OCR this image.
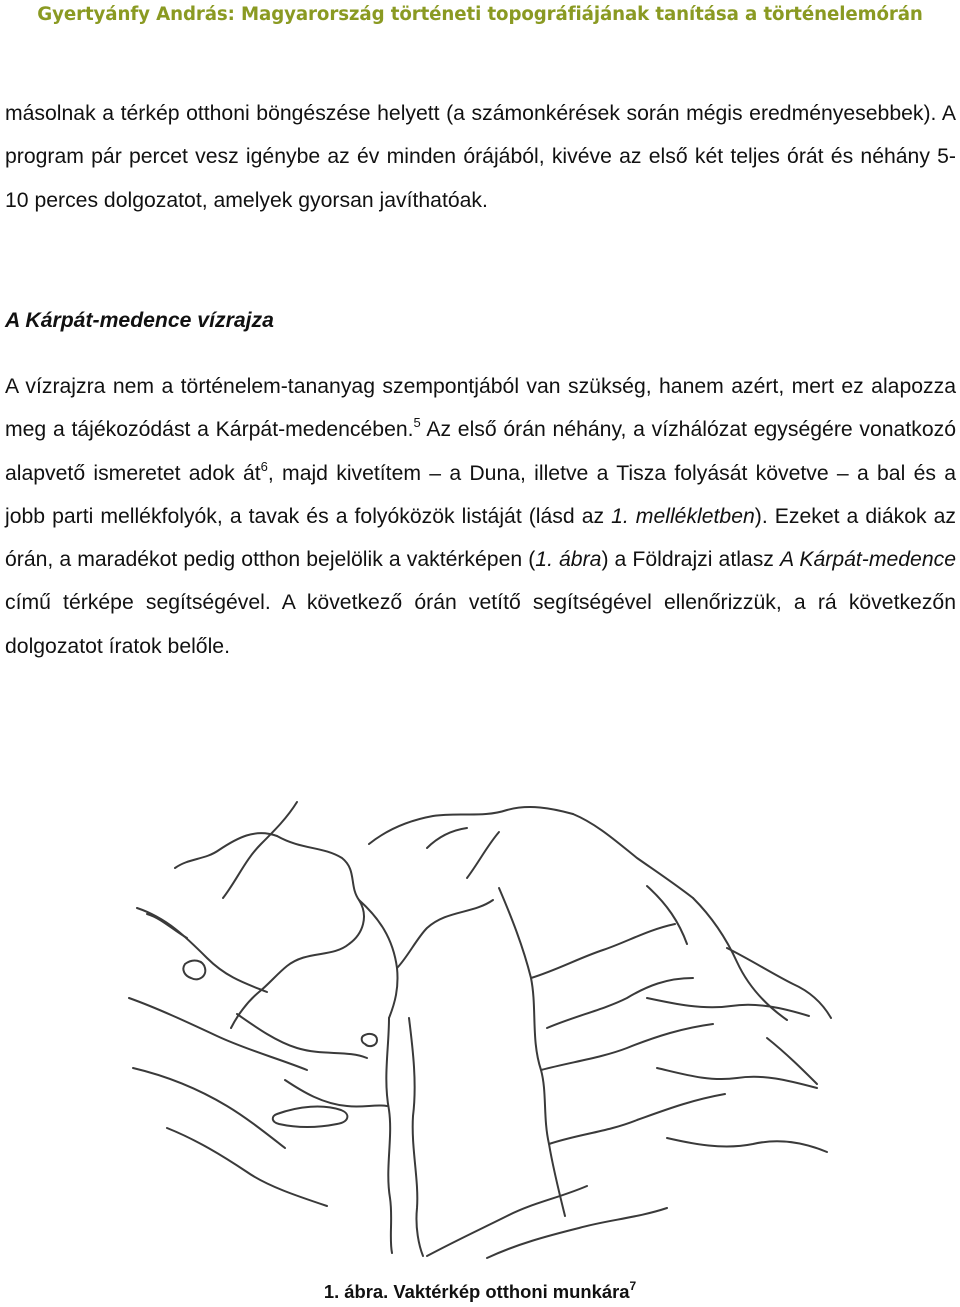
Gyertyánfy András: Magyarország történeti topográfiájának tanítása a történelemórán

másolnak a térkép otthoni böngészése helyett (a számonkérések során mégis eredményesebbek). A program pár percet vesz igénybe az év minden órájából, kivéve az első két teljes órát és néhány 5-10 perces dolgozatot, amelyek gyorsan javíthatóak.

A Kárpát-medence vízrajza

A vízrajzra nem a történelem-tananyag szempontjából van szükség, hanem azért, mert ez alapozza meg a tájékozódást a Kárpát-medencében.$^5$ Az első órán néhány, a vízhálózat egységére vonatkozó alapvető ismeretet adok $át^6$, majd kivetítem – a Duna, illetve a Tisza folyását követve – a bal és a jobb parti mellékfolyók, a tavak és a folyóközök listáját (lásd az 1. mellékletben). Ezeket a diákok az órán, a maradékot pedig otthon bejelölik a vaktérképen (1. ábra) a Földrajzi atlasz A Kárpát-medence című térképe segítségével. A következő órán vetítő segítségével ellenőrizzük, a rá következőn dolgozatot íratok belőle.

1. ábra. Vaktérkép otthoni munkára$^7$
